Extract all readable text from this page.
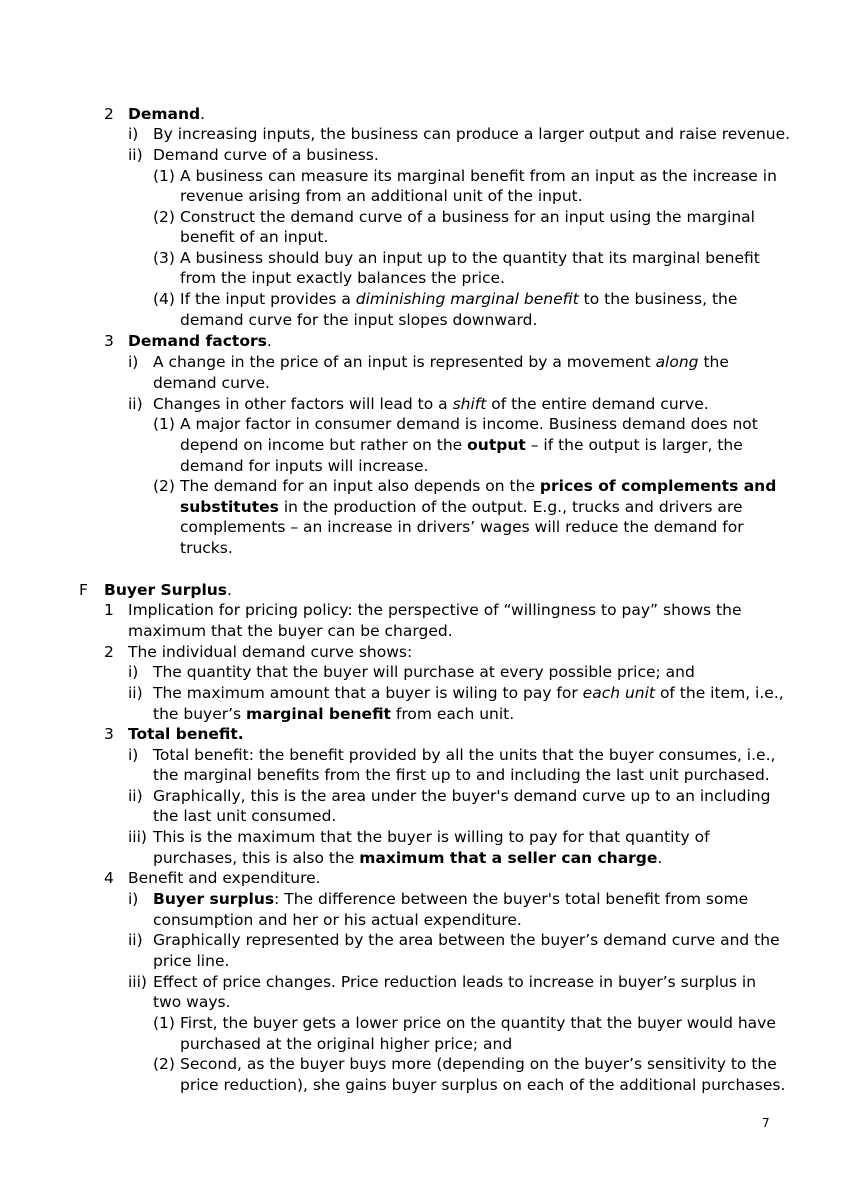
2 Demand.
i) By increasing inputs, the business can produce a larger output and raise revenue.
ii) Demand curve of a business.
(1) A business can measure its marginal benefit from an input as the increase in
revenue arising from an additional unit of the input.
(2) Construct the demand curve of a business for an input using the marginal
benefit of an input.
(3) A business should buy an input up to the quantity that its marginal benefit
from the input exactly balances the price.
(4) If the input provides a diminishing marginal benefit to the business, the
demand curve for the input slopes downward.
3 Demand factors.
i) A change in the price of an input is represented by a movement along the
demand curve.
ii) Changes in other factors will lead to a shift of the entire demand curve.
(1) A major factor in consumer demand is income. Business demand does not
depend on income but rather on the output – if the output is larger, the
demand for inputs will increase.
(2) The demand for an input also depends on the prices of complements and
substitutes in the production of the output. E.g., trucks and drivers are
complements – an increase in drivers’ wages will reduce the demand for
trucks.
F Buyer Surplus.
1 Implication for pricing policy: the perspective of “willingness to pay” shows the
maximum that the buyer can be charged.
2 The individual demand curve shows:
i) The quantity that the buyer will purchase at every possible price; and
ii) The maximum amount that a buyer is wiling to pay for each unit of the item, i.e.,
the buyer’s marginal benefit from each unit.
3 Total benefit.
i) Total benefit: the benefit provided by all the units that the buyer consumes, i.e.,
the marginal benefits from the first up to and including the last unit purchased.
ii) Graphically, this is the area under the buyer's demand curve up to an including
the last unit consumed.
iii) This is the maximum that the buyer is willing to pay for that quantity of
purchases, this is also the maximum that a seller can charge.
4 Benefit and expenditure.
i) Buyer surplus: The difference between the buyer's total benefit from some
consumption and her or his actual expenditure.
ii) Graphically represented by the area between the buyer’s demand curve and the
price line.
iii) Effect of price changes. Price reduction leads to increase in buyer’s surplus in
two ways.
(1) First, the buyer gets a lower price on the quantity that the buyer would have
purchased at the original higher price; and
(2) Second, as the buyer buys more (depending on the buyer’s sensitivity to the
price reduction), she gains buyer surplus on each of the additional purchases.
7
